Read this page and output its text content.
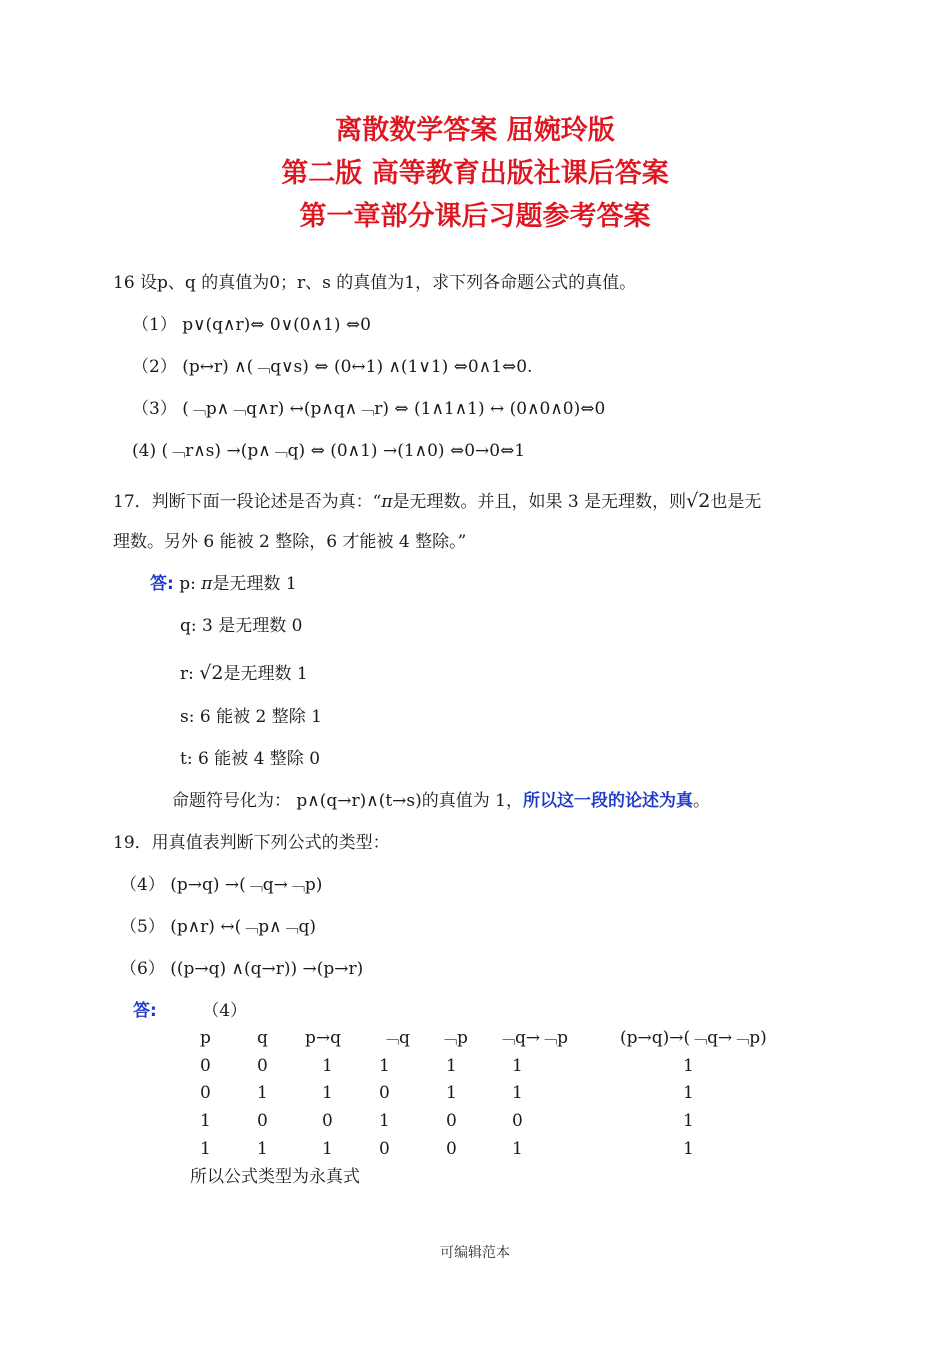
离散数学答案 屈婉玲版
第二版 高等教育出版社课后答案
第一章部分课后习题参考答案
16 设p、q 的真值为0；r、s 的真值为1，求下列各命题公式的真值。
（1） p∨(q∧r)⇔ 0∨(0∧1) ⇔0
（2） (p↔r) ∧(﹁q∨s) ⇔ (0↔1) ∧(1∨1) ⇔0∧1⇔0.
（3） (﹁p∧﹁q∧r) ↔(p∧q∧﹁r) ⇔ (1∧1∧1) ↔ (0∧0∧0)⇔0
(4) (﹁r∧s) →(p∧﹁q) ⇔ (0∧1) →(1∧0) ⇔0→0⇔1
17．判断下面一段论述是否为真：“π是无理数。并且，如果 3 是无理数，则√2也是无
理数。另外 6 能被 2 整除，6 才能被 4 整除。”
答: p: π是无理数 1
q: 3 是无理数 0
r: √2是无理数 1
s: 6 能被 2 整除 1
t: 6 能被 4 整除 0
命题符号化为： p∧(q→r)∧(t→s)的真值为 1，所以这一段的论述为真。
19．用真值表判断下列公式的类型：
（4） (p→q) →(﹁q→﹁p)
（5） (p∧r) ↔(﹁p∧﹁q)
（6） ((p→q) ∧(q→r)) →(p→r)
答:	（4）
p	q p→q ﹁q ﹁p ﹁q→﹁p	(p→q)→(﹁q→﹁p)
0	0	1	1	1	1	1
0	1	1	0	1	1	1
1	0	0	1	0	0	1
1	1	1	0	0	1	1
所以公式类型为永真式
可编辑范本
